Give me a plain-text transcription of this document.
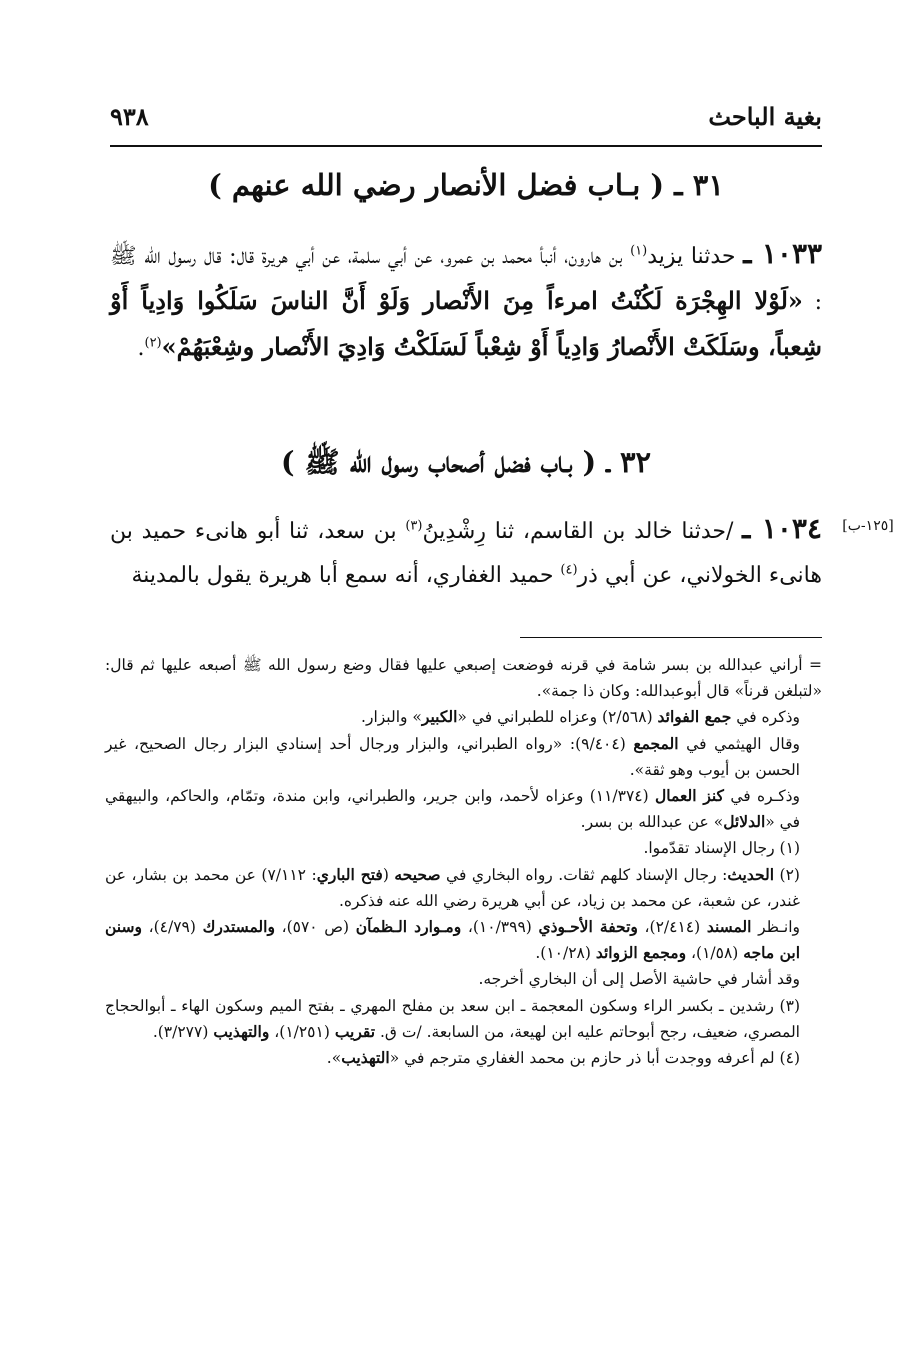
بغية الباحث
٩٣٨
٣١ ـ ( بـاب فضل الأنصار رضي الله عنهم )
١٠٣٣ ـ حدثنا يزيد$^{(١)}$ بن هارون، أنبأ محمد بن عمرو، عن أبي سلمة، عن أبي هريرة قال: قال رسول الله ﷺ : «لَوْلا الهِجْرَة لَكُنْتُ امرءاً مِنَ الأَنْصار وَلَوْ أَنَّ الناسَ سَلَكُوا وَادِياً أَوْ شِعباً، وسَلَكَتْ الأَنْصارُ وَادِياً أَوْ شِعْباً لَسَلَكْتُ وَادِيَ الأَنْصار وشِعْبَهُمْ»$^{(٢)}$.
٣٢ ـ ( بـاب فضل أصحاب رسول الله ﷺ )
[١٢٥-ب]
١٠٣٤ ـ /حدثنا خالد بن القاسم، ثنا رِشْدِينُ$^{(٣)}$ بن سعد، ثنا أبو هانىء حميد بن هانىء الخولاني، عن أبي ذر$^{(٤)}$ حميد الغفاري، أنه سمع أبا هريرة يقول بالمدينة

= أراني عبدالله بن بسر شامة في قرنه فوضعت إصبعي عليها فقال وضع رسول الله ﷺ أصبعه عليها ثم قال: «لتبلغن قرناً» قال أبوعبدالله: وكان ذا جمة».

وذكره في جمع الفوائد (٢/٥٦٨) وعزاه للطبراني في «الكبير» والبزار.

وقال الهيثمي في المجمع (٩/٤٠٤): «رواه الطبراني، والبزار ورجال أحد إسنادي البزار رجال الصحيح، غير الحسن بن أيوب وهو ثقة».

وذكـره في كنز العمال (١١/٣٧٤) وعزاه لأحمد، وابن جرير، والطبراني، وابن مندة، وتمّام، والحاكم، والبيهقي في «الدلائل» عن عبدالله بن بسر.

(١) رجال الإسناد تقدّموا.

(٢) الحديث: رجال الإسناد كلهم ثقات. رواه البخاري في صحيحه (فتح الباري: ٧/١١٢) عن محمد بن بشار، عن غندر، عن شعبة، عن محمد بن زياد، عن أبي هريرة رضي الله عنه فذكره.

وانـظر المسند (٢/٤١٤)، وتحفة الأحـوذي (١٠/٣٩٩)، ومـوارد الـظمآن (ص ٥٧٠)، والمستدرك (٤/٧٩)، وسنن ابن ماجه (١/٥٨)، ومجمع الزوائد (١٠/٢٨).

وقد أشار في حاشية الأصل إلى أن البخاري أخرجه.

(٣) رشدين ـ بكسر الراء وسكون المعجمة ـ ابن سعد بن مفلح المهري ـ بفتح الميم وسكون الهاء ـ أبوالحجاج المصري، ضعيف، رجح أبوحاتم عليه ابن لهيعة، من السابعة. /ت ق. تقريب (١/٢٥١)، والتهذيب (٣/٢٧٧).

(٤) لم أعرفه ووجدت أبا ذر حازم بن محمد الغفاري مترجم في «التهذيب».
